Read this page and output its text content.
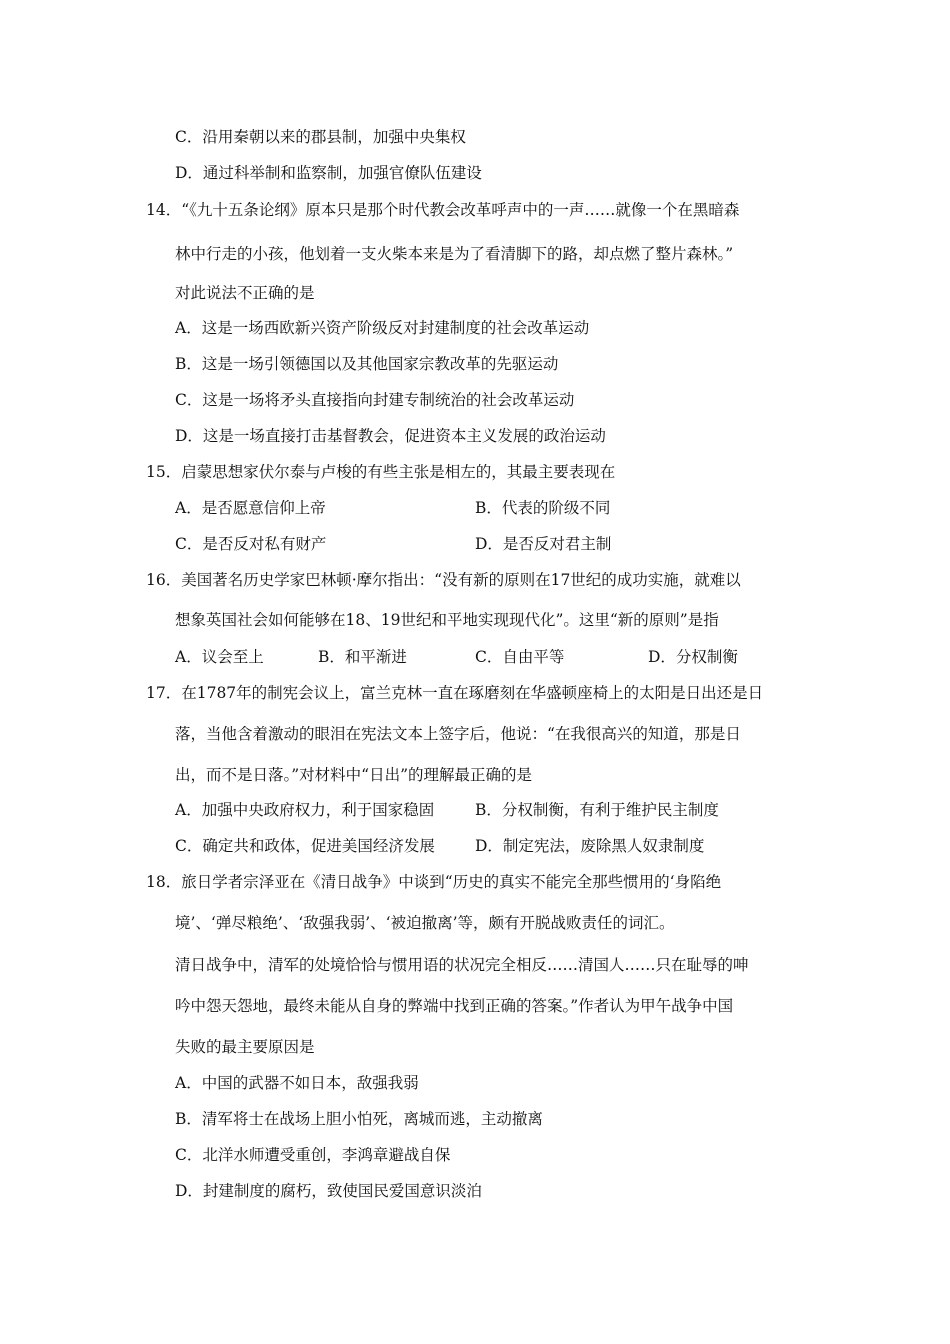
C．沿用秦朝以来的郡县制，加强中央集权
D．通过科举制和监察制，加强官僚队伍建设
14．“《九十五条论纲》原本只是那个时代教会改革呼声中的一声……就像一个在黑暗森
林中行走的小孩，他划着一支火柴本来是为了看清脚下的路，却点燃了整片森林。”
对此说法不正确的是
A．这是一场西欧新兴资产阶级反对封建制度的社会改革运动
B．这是一场引领德国以及其他国家宗教改革的先驱运动
C．这是一场将矛头直接指向封建专制统治的社会改革运动
D．这是一场直接打击基督教会，促进资本主义发展的政治运动
15．启蒙思想家伏尔泰与卢梭的有些主张是相左的，其最主要表现在
A．是否愿意信仰上帝	B．代表的阶级不同
C．是否反对私有财产	D．是否反对君主制
16．美国著名历史学家巴林顿·摩尔指出：“没有新的原则在17世纪的成功实施，就难以
想象英国社会如何能够在18、19世纪和平地实现现代化”。这里“新的原则”是指
A．议会至上	B．和平渐进	C．自由平等	D．分权制衡
17．在1787年的制宪会议上，富兰克林一直在琢磨刻在华盛顿座椅上的太阳是日出还是日
落，当他含着激动的眼泪在宪法文本上签字后，他说：“在我很高兴的知道，那是日
出，而不是日落。”对材料中“日出”的理解最正确的是
A．加强中央政府权力，利于国家稳固	B．分权制衡，有利于维护民主制度
C．确定共和政体，促进美国经济发展	D．制定宪法，废除黑人奴隶制度
18．旅日学者宗泽亚在《清日战争》中谈到“历史的真实不能完全那些惯用的‘身陷绝
境’、‘弹尽粮绝’、‘敌强我弱’、‘被迫撤离’等，颇有开脱战败责任的词汇。
清日战争中，清军的处境恰恰与惯用语的状况完全相反……清国人……只在耻辱的呻
吟中怨天怨地，最终未能从自身的弊端中找到正确的答案。”作者认为甲午战争中国
失败的最主要原因是
A．中国的武器不如日本，敌强我弱
B．清军将士在战场上胆小怕死，离城而逃，主动撤离
C．北洋水师遭受重创，李鸿章避战自保
D．封建制度的腐朽，致使国民爱国意识淡泊
